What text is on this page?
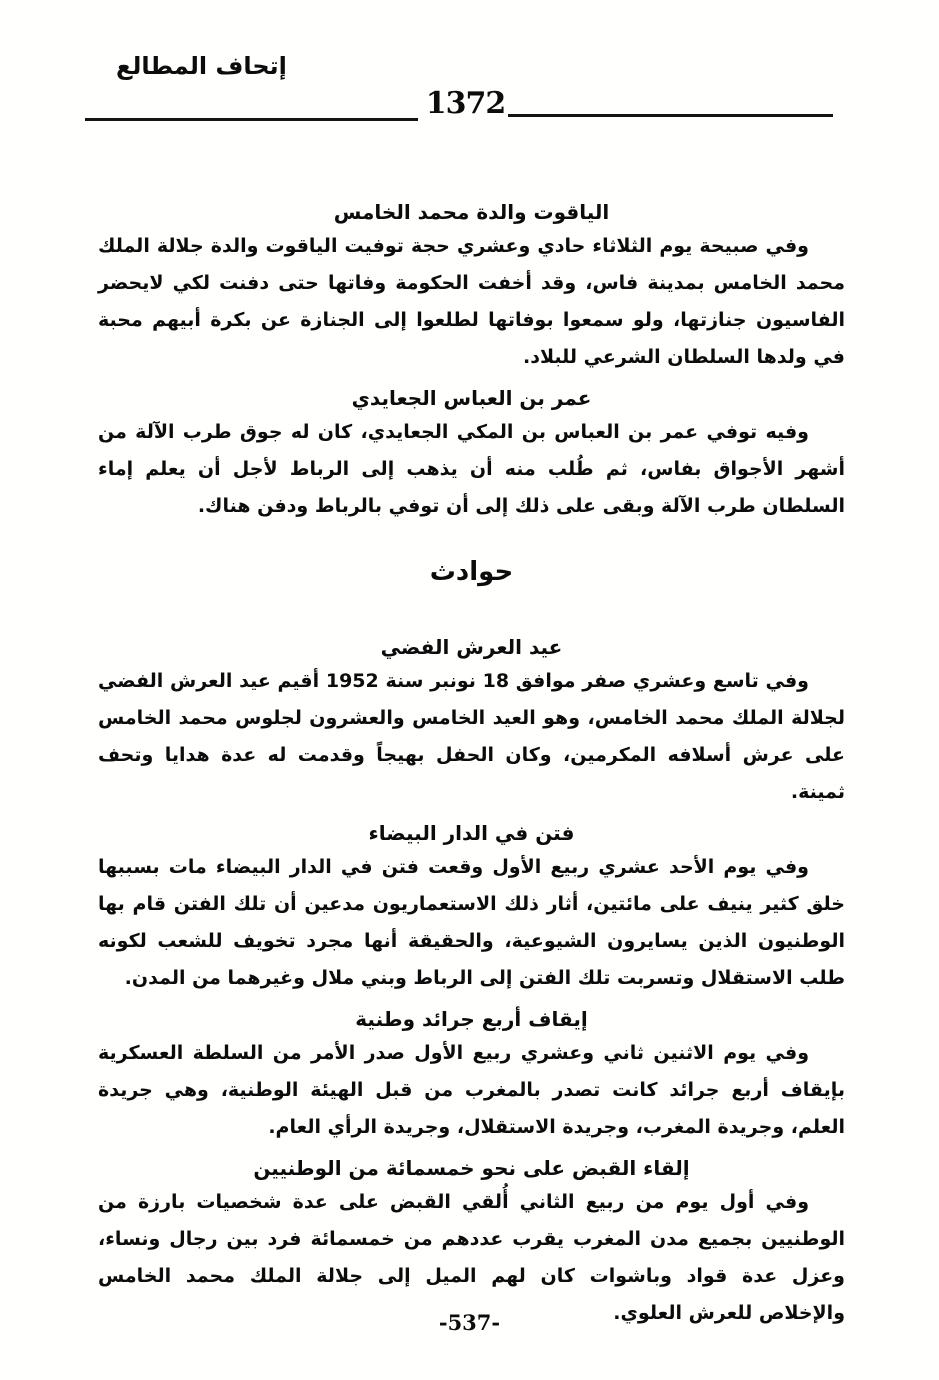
إتحاف المطالع
1372
الياقوت والدة محمد الخامس

وفي صبيحة يوم الثلاثاء حادي وعشري حجة توفيت الياقوت والدة جلالة الملك محمد الخامس بمدينة فاس، وقد أخفت الحكومة وفاتها حتى دفنت لكي لايحضر الفاسيون جنازتها، ولو سمعوا بوفاتها لطلعوا إلى الجنازة عن بكرة أبيهم محبة في ولدها السلطان الشرعي للبلاد.

عمر بن العباس الجعايدي

وفيه توفي عمر بن العباس بن المكي الجعايدي، كان له جوق طرب الآلة من أشهر الأجواق بفاس، ثم طُلب منه أن يذهب إلى الرباط لأجل أن يعلم إماء السلطان طرب الآلة وبقى على ذلك إلى أن توفي بالرباط ودفن هناك.

حوادث
عيد العرش الفضي

وفي تاسع وعشري صفر موافق 18 نونبر سنة 1952 أقيم عيد العرش الفضي لجلالة الملك محمد الخامس، وهو العيد الخامس والعشرون لجلوس محمد الخامس على عرش أسلافه المكرمين، وكان الحفل بهيجاً وقدمت له عدة هدايا وتحف ثمينة.

فتن في الدار البيضاء

وفي يوم الأحد عشري ربيع الأول وقعت فتن في الدار البيضاء مات بسببها خلق كثير ينيف على مائتين، أثار ذلك الاستعماريون مدعين أن تلك الفتن قام بها الوطنيون الذين يسايرون الشيوعية، والحقيقة أنها مجرد تخويف للشعب لكونه طلب الاستقلال وتسربت تلك الفتن إلى الرباط وبني ملال وغيرهما من المدن.

إيقاف أربع جرائد وطنية

وفي يوم الاثنين ثاني وعشري ربيع الأول صدر الأمر من السلطة العسكرية بإيقاف أربع جرائد كانت تصدر بالمغرب من قبل الهيئة الوطنية، وهي جريدة العلم، وجريدة المغرب، وجريدة الاستقلال، وجريدة الرأي العام.

إلقاء القبض على نحو خمسمائة من الوطنيين

وفي أول يوم من ربيع الثاني أُلقي القبض على عدة شخصيات بارزة من الوطنيين بجميع مدن المغرب يقرب عددهم من خمسمائة فرد بين رجال ونساء، وعزل عدة قواد وباشوات كان لهم الميل إلى جلالة الملك محمد الخامس والإخلاص للعرش العلوي.

-537-
